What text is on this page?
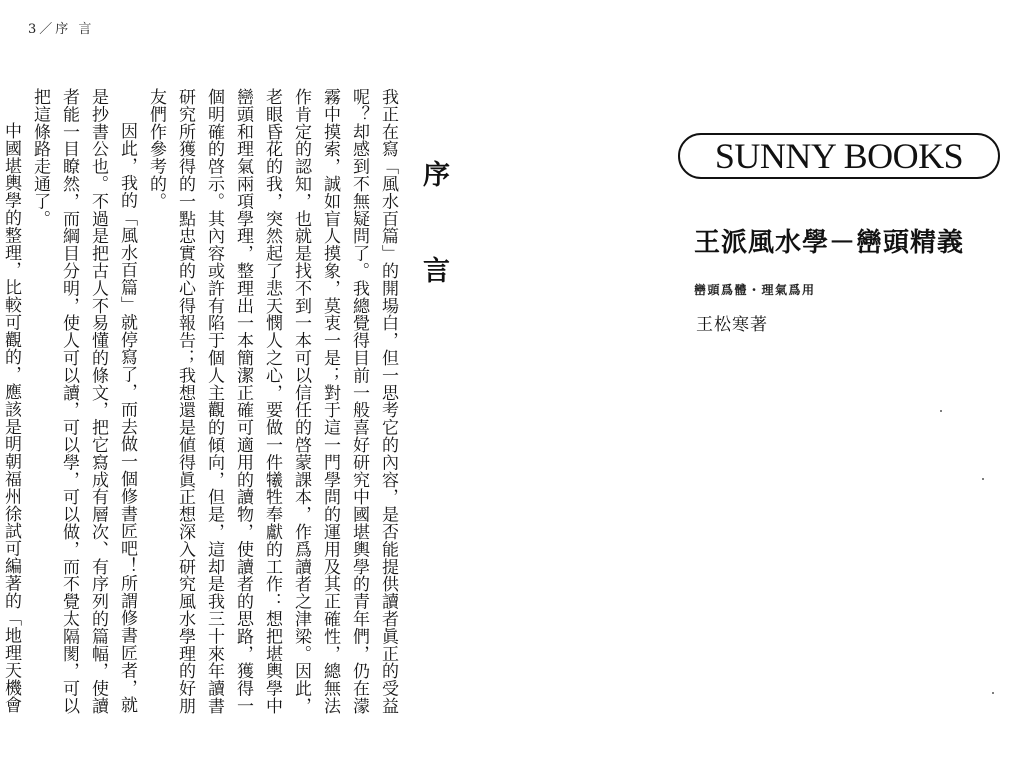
3／序 言
序 言

我正在寫「風水百篇」的開場白，但一思考它的內容，是否能提供讀者眞正的受益呢？却感到不無疑問了。我總覺得目前一般喜好研究中國堪輿學的青年們，仍在濛霧中摸索，誠如盲人摸象，莫衷一是；對于這一門學問的運用及其正確性，總無法作肯定的認知，也就是找不到一本可以信任的啓蒙課本，作爲讀者之津梁。因此，老眼昏花的我，突然起了悲天憫人之心，要做一件犧牲奉獻的工作：想把堪輿學中巒頭和理氣兩項學理，整理出一本簡潔正確可適用的讀物，使讀者的思路，獲得一個明確的啓示。其內容或許有陷于個人主觀的傾向，但是，這却是我三十來年讀書研究所獲得的一點忠實的心得報告；我想還是値得眞正想深入研究風水學理的好朋友們作參考的。

因此，我的「風水百篇」就停寫了，而去做一個修書匠吧！所謂修書匠者，就是抄書公也。不過是把古人不易懂的條文，把它寫成有層次、有序列的篇幅，使讀者能一目瞭然，而綱目分明，使人可以讀，可以學，可以做，而不覺太隔閡，可以把這條路走通了。

中國堪輿學的整理，比較可觀的，應該是明朝福州徐試可編著的「地理天機會

SUNNY BOOKS
王派風水學－巒頭精義
巒頭爲體・理氣爲用
王松寒著
